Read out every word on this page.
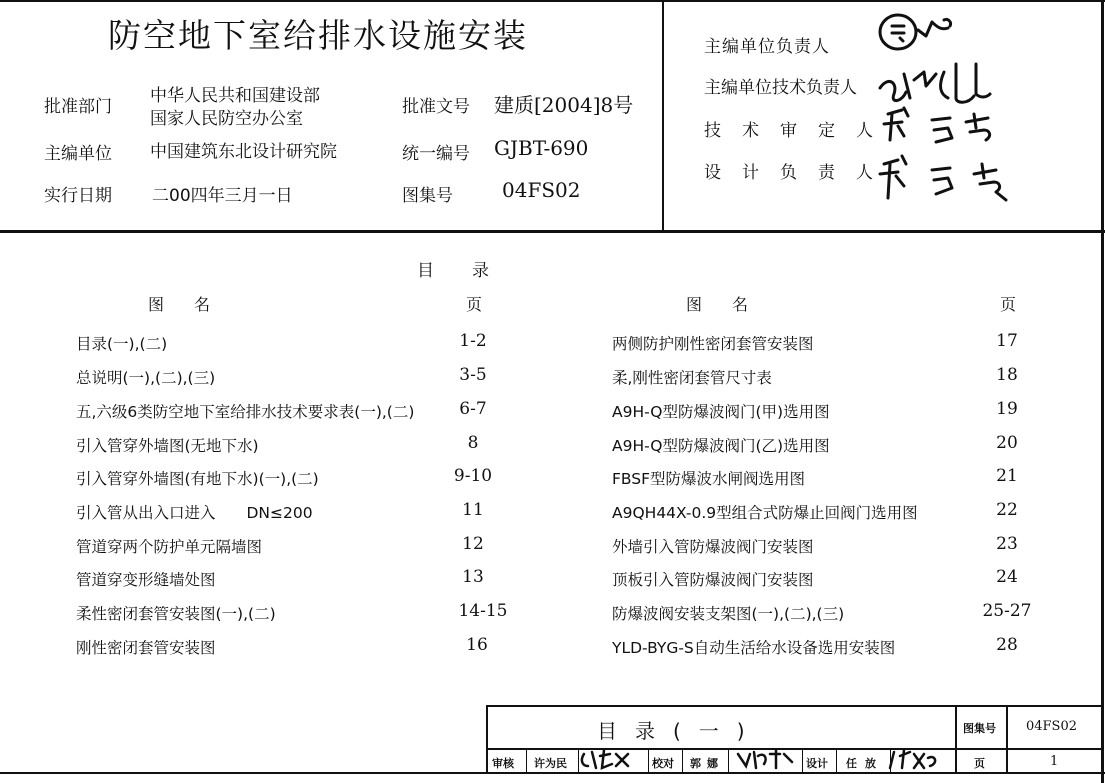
防空地下室给排水设施安装
批准部门
中华人民共和国建设部
国家人民防空办公室
主编单位 中国建筑东北设计研究院
实行日期 二00四年三月一日
批准文号 建质[2004]8号
统一编号 GJBT-690
图集号 04FS02
主编单位负责人
主编单位技术负责人
技术审定人
设计负责人
目录
图名	页	图名	页
目录(一),(二)	1-2
总说明(一),(二),(三)	3-5
五,六级6类防空地下室给排水技术要求表(一),(二)	6-7
引入管穿外墙图(无地下水)	8
引入管穿外墙图(有地下水)(一),(二)	9-10
引入管从出入口进入　　DN≤200	11
管道穿两个防护单元隔墙图	12
管道穿变形缝墙处图	13
柔性密闭套管安装图(一),(二)	14-15
刚性密闭套管安装图	16
两侧防护刚性密闭套管安装图	17
柔,刚性密闭套管尺寸表	18
A9H-Q型防爆波阀门(甲)选用图	19
A9H-Q型防爆波阀门(乙)选用图	20
FBSF型防爆波水闸阀选用图	21
A9QH44X-0.9型组合式防爆止回阀门选用图	22
外墙引入管防爆波阀门安装图	23
顶板引入管防爆波阀门安装图	24
防爆波阀安装支架图(一),(二),(三)	25-27
YLD-BYG-S自动生活给水设备选用安装图	28
目录(一)	图集号 04FS02
审核 许为民	校对 郭娜	设计 任放	页	1
